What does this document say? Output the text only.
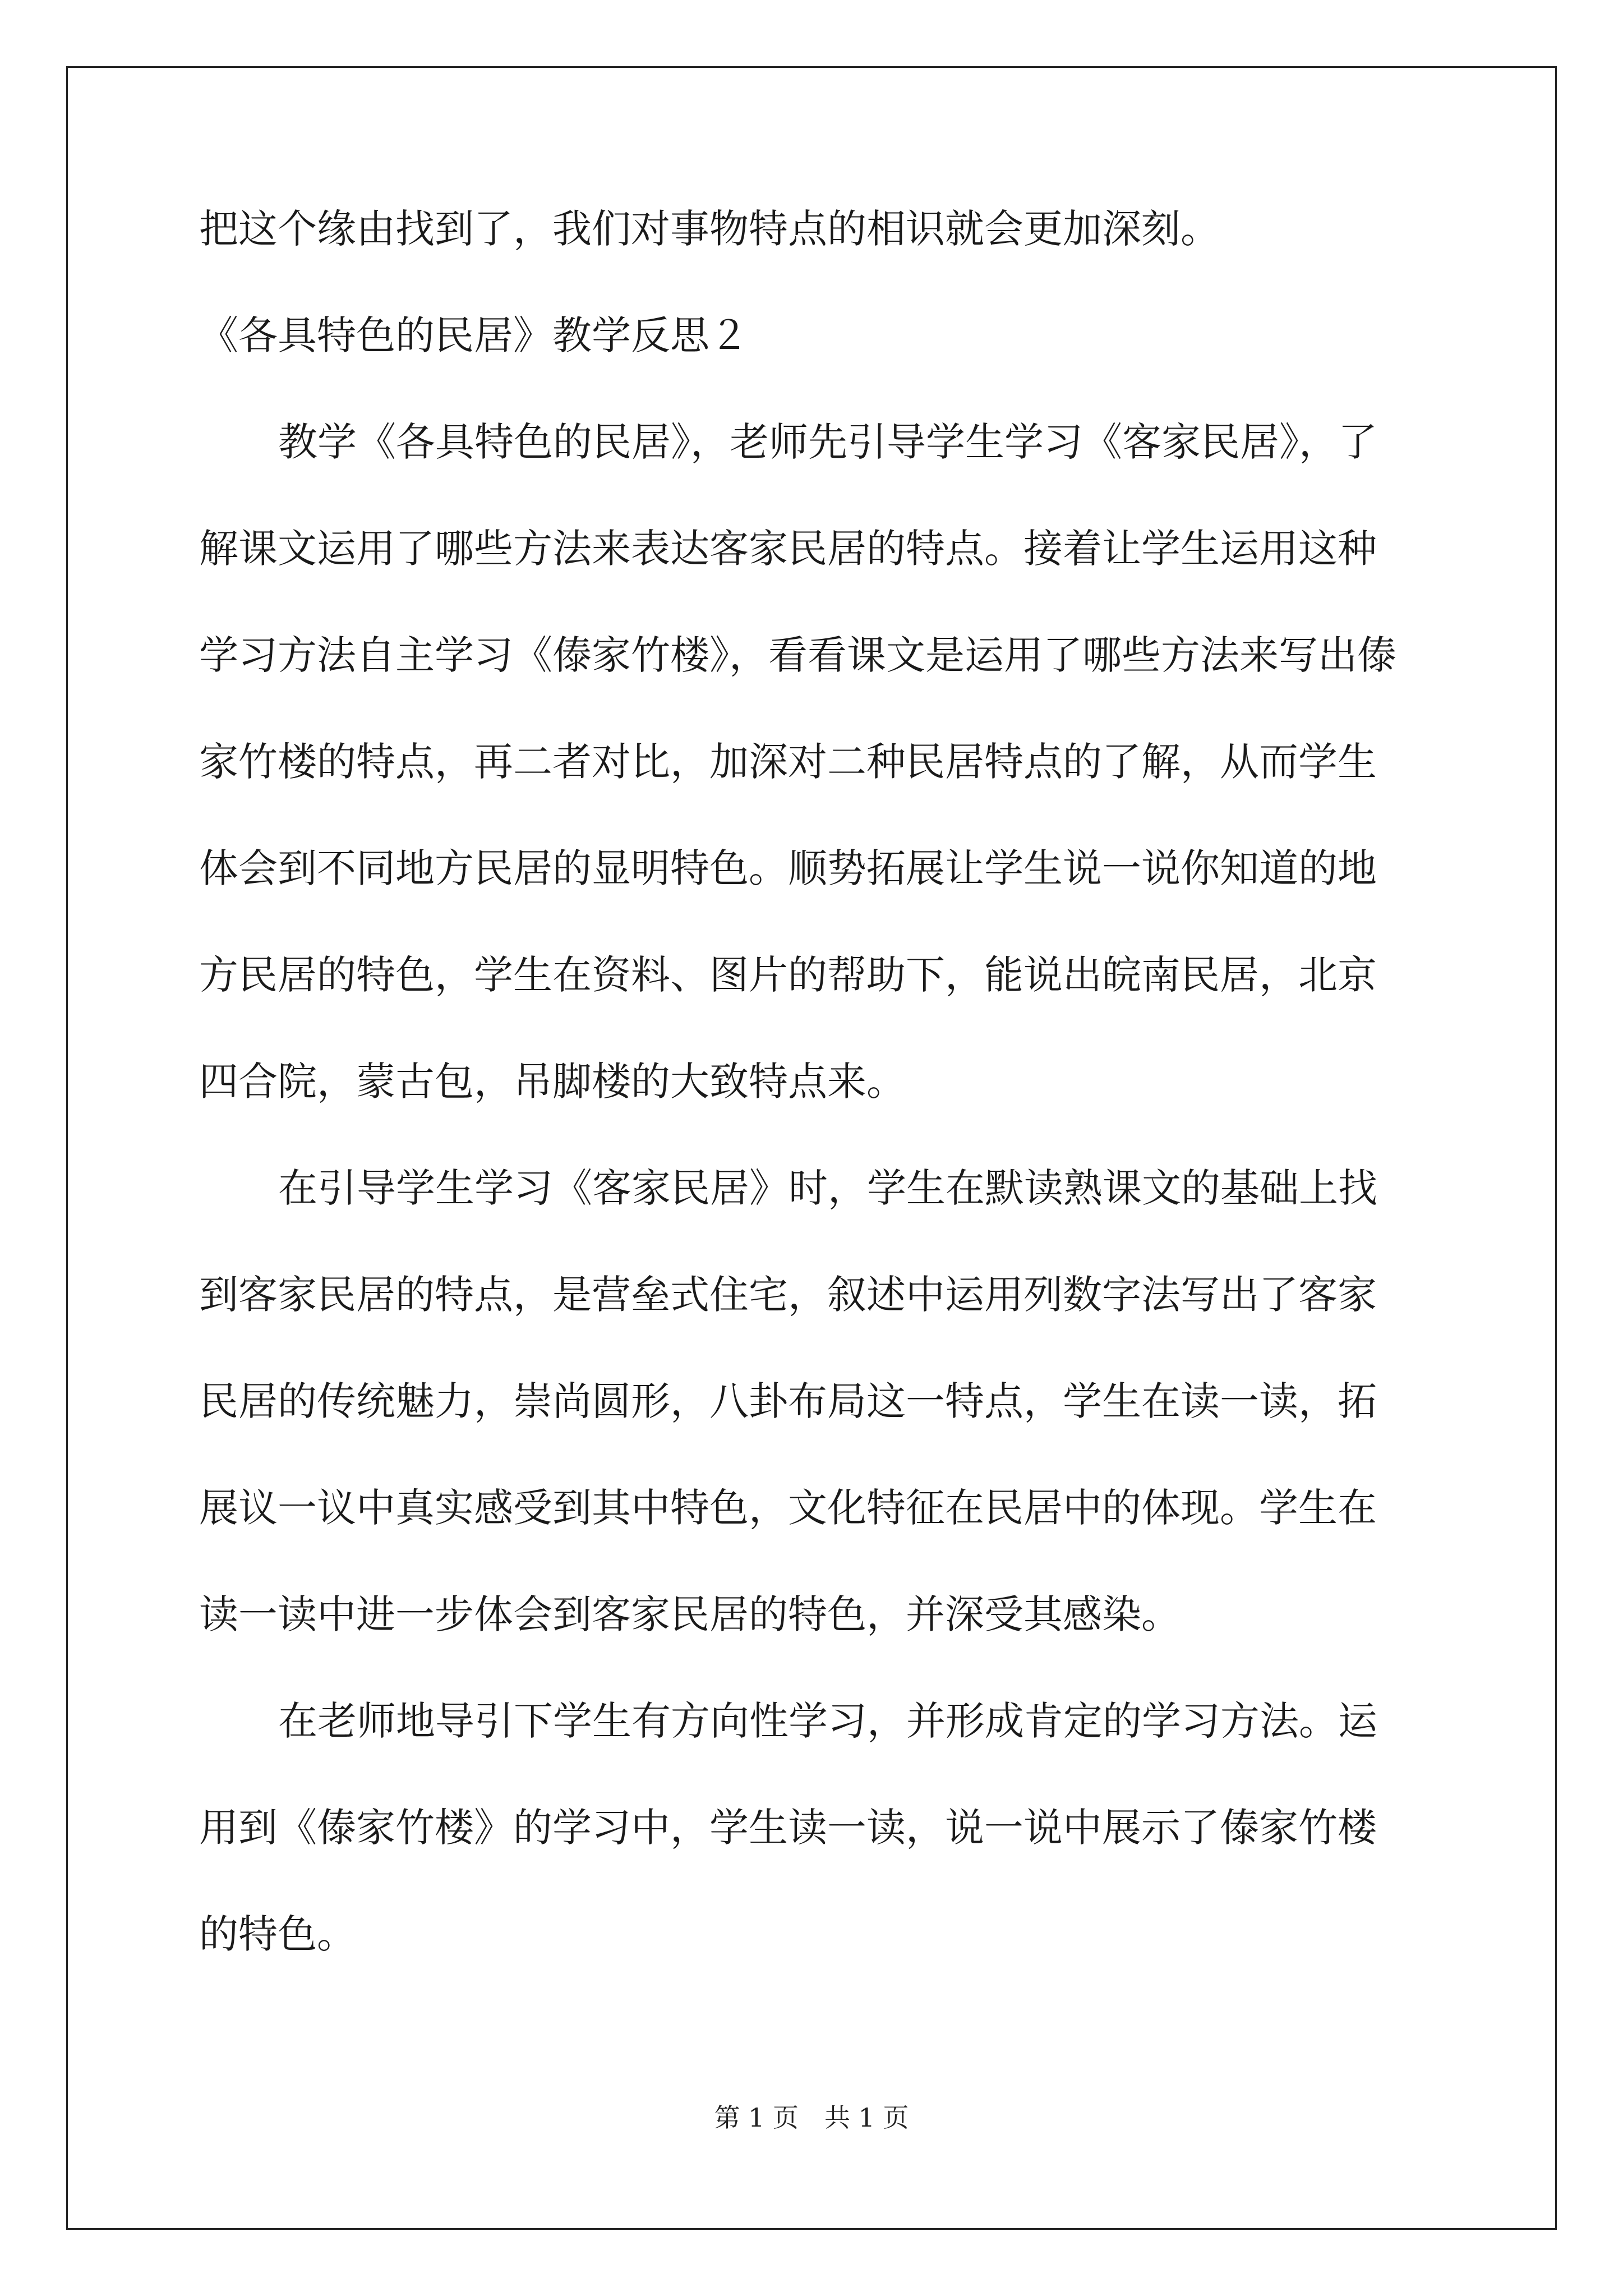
把这个缘由找到了，我们对事物特点的相识就会更加深刻。

《各具特色的民居》教学反思２

教学《各具特色的民居》，老师先引导学生学习《客家民居》，了

解课文运用了哪些方法来表达客家民居的特点。接着让学生运用这种

学习方法自主学习《傣家竹楼》，看看课文是运用了哪些方法来写出傣

家竹楼的特点，再二者对比，加深对二种民居特点的了解，从而学生

体会到不同地方民居的显明特色。顺势拓展让学生说一说你知道的地

方民居的特色，学生在资料、图片的帮助下，能说出皖南民居，北京

四合院，蒙古包，吊脚楼的大致特点来。

在引导学生学习《客家民居》时，学生在默读熟课文的基础上找

到客家民居的特点，是营垒式住宅，叙述中运用列数字法写出了客家

民居的传统魅力，崇尚圆形，八卦布局这一特点，学生在读一读，拓

展议一议中真实感受到其中特色，文化特征在民居中的体现。学生在

读一读中进一步体会到客家民居的特色，并深受其感染。

在老师地导引下学生有方向性学习，并形成肯定的学习方法。运

用到《傣家竹楼》的学习中，学生读一读，说一说中展示了傣家竹楼

的特色。

第 1 页　共 1 页
